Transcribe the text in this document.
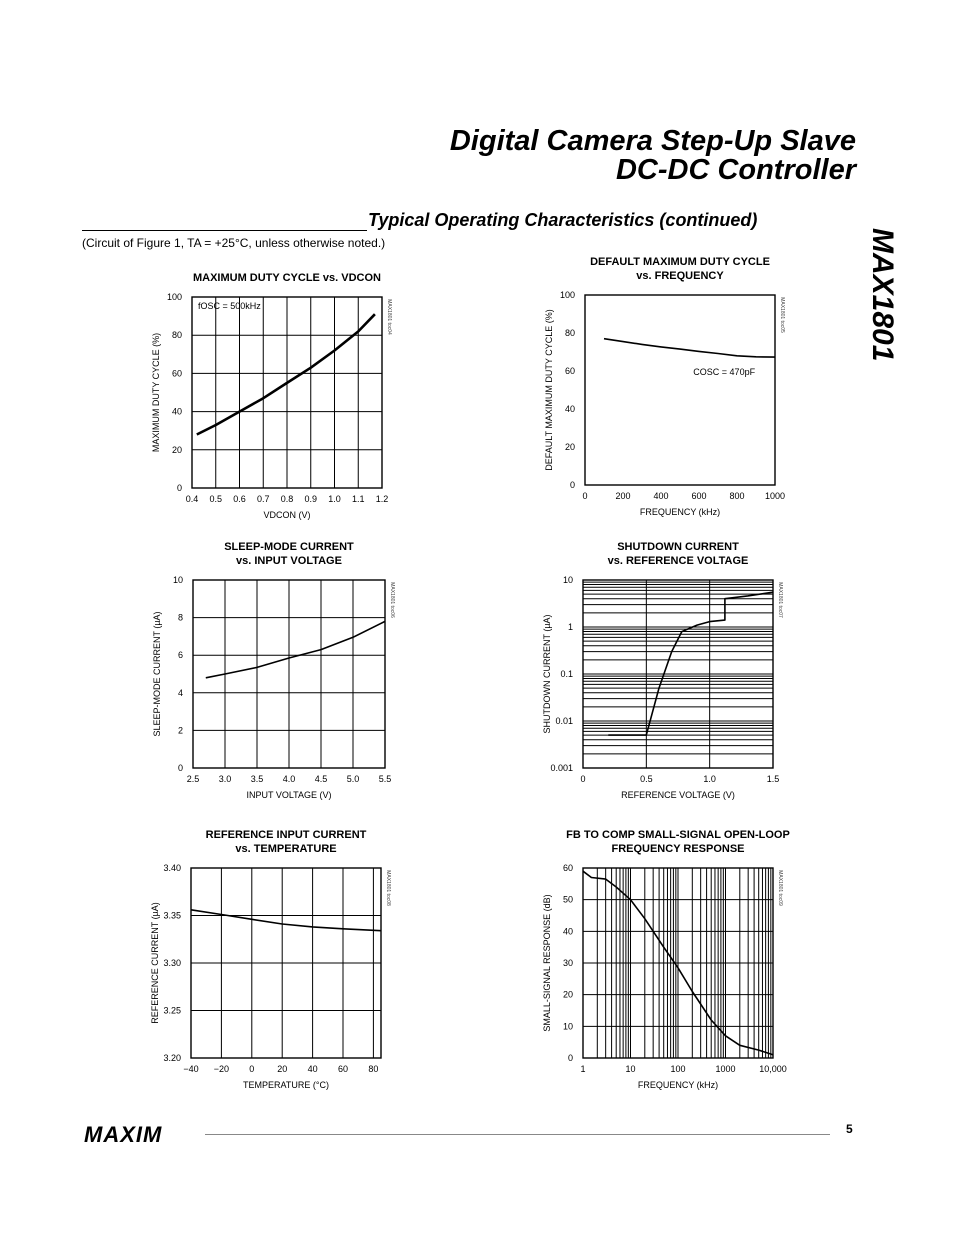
Digital Camera Step-Up Slave
DC-DC Controller
MAX1801
Typical Operating Characteristics (continued)
(Circuit of Figure 1, TA = +25°C, unless otherwise noted.)
MAXIMUM DUTY CYCLE vs. VDCON
0.4 0.5 0.6 0.7 0.8 0.9 1.0 1.1 1.2
0
20
40
60
80
100
VDCON (V)
MAXIMUM DUTY CYCLE (%)
MAX1801 toc04
fOSC = 500kHz
DEFAULT MAXIMUM DUTY CYCLE
vs. FREQUENCY
0	200	400	600	800 1000
0
20
40
60
80
100
FREQUENCY (kHz)
DEFAULT MAXIMUM DUTY CYCLE (%)	MAX1801 toc05
COSC = 470pF
SLEEP-MODE CURRENT
vs. INPUT VOLTAGE
2.5 3.0 3.5 4.0 4.5 5.0 5.5
0
2
4
6
8
10
INPUT VOLTAGE (V)
SLEEP-MODE CURRENT (µA)
MAX1801 toc06
SHUTDOWN CURRENT
vs. REFERENCE VOLTAGE
0	0.5	1.0	1.5
0.001
0.01
0.1
1
10
REFERENCE VOLTAGE (V)
SHUTDOWN CURRENT (µA)
MAX1801 toc07
REFERENCE INPUT CURRENT
vs. TEMPERATURE
−40 −20 0	20 40 60 80
3.20
3.25
3.30
3.35
3.40
TEMPERATURE (°C)
REFERENCE CURRENT (µA)
MAX1801 toc08
FB TO COMP SMALL-SIGNAL OPEN-LOOP
FREQUENCY RESPONSE
1	10	100	1000	10,000
0
10
20
30
40
50
60
FREQUENCY (kHz)
SMALL-SIGNAL RESPONSE (dB)
MAX1801 toc09
MAXIM	5
